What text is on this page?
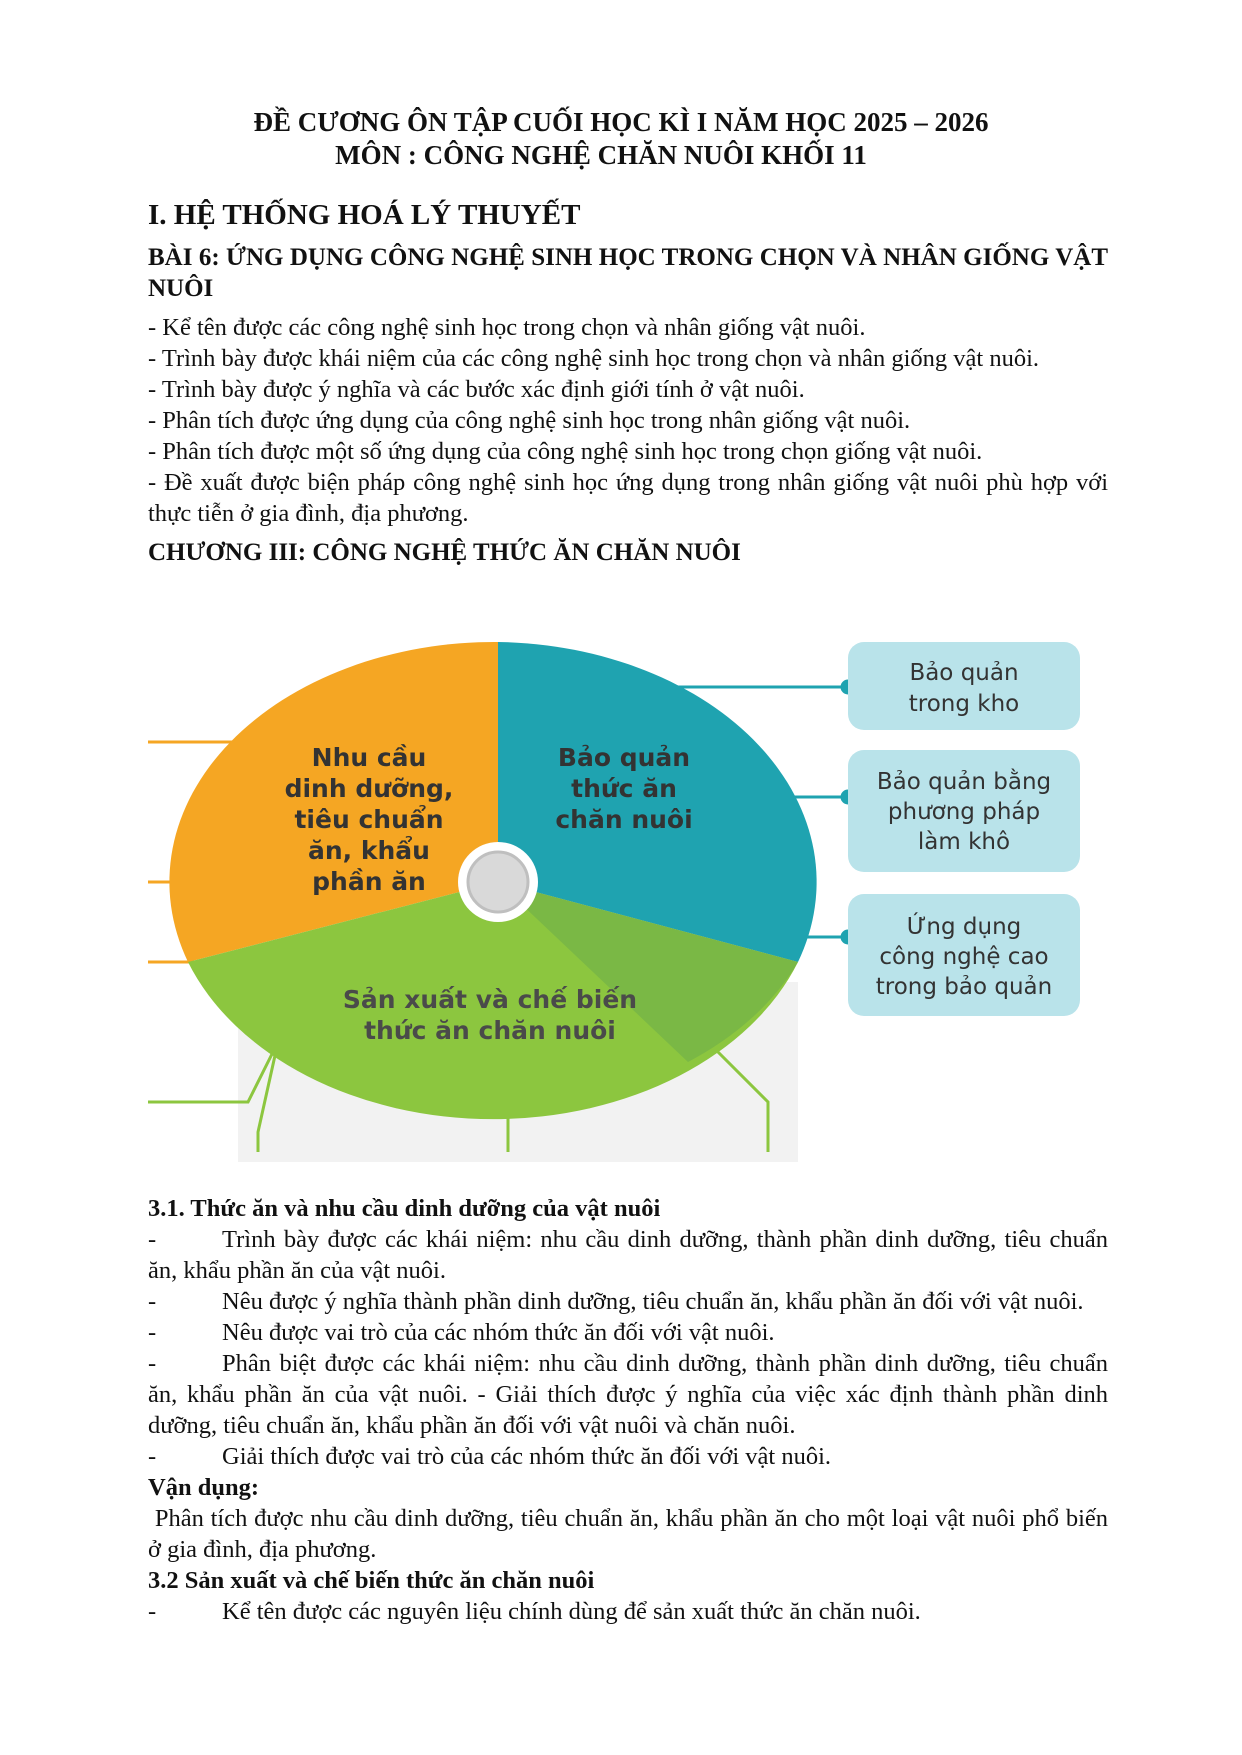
ĐỀ CƯƠNG ÔN TẬP CUỐI HỌC KÌ I NĂM HỌC 2025 – 2026
MÔN : CÔNG NGHỆ CHĂN NUÔI KHỐI 11

I. HỆ THỐNG HOÁ LÝ THUYẾT

BÀI 6: ỨNG DỤNG CÔNG NGHỆ SINH HỌC TRONG CHỌN VÀ NHÂN GIỐNG VẬT NUÔI

- Kể tên được các công nghệ sinh học trong chọn và nhân giống vật nuôi.

- Trình bày được khái niệm của các công nghệ sinh học trong chọn và nhân giống vật nuôi.

- Trình bày được ý nghĩa và các bước xác định giới tính ở vật nuôi.

- Phân tích được ứng dụng của công nghệ sinh học trong nhân giống vật nuôi.

- Phân tích được một số ứng dụng của công nghệ sinh học trong chọn giống vật nuôi.

- Đề xuất được biện pháp công nghệ sinh học ứng dụng trong nhân giống vật nuôi phù hợp với thực tiễn ở gia đình, địa phương.

CHƯƠNG III: CÔNG NGHỆ THỨC ĂN CHĂN NUÔI

Nhu cầu
dinh dưỡng,
tiêu chuẩn
ăn, khẩu
phần ăn
Bảo quản
thức ăn
chăn nuôi
Sản xuất và chế biến
thức ăn chăn nuôi
Bảo quản
trong kho
Bảo quản bằng
phương pháp
làm khô
Ứng dụng
công nghệ cao
trong bảo quản

3.1. Thức ăn và nhu cầu dinh dưỡng của vật nuôi

-	Trình bày được các khái niệm: nhu cầu dinh dưỡng, thành phần dinh dưỡng, tiêu chuẩn ăn, khẩu phần ăn của vật nuôi.

-	Nêu được ý nghĩa thành phần dinh dưỡng, tiêu chuẩn ăn, khẩu phần ăn đối với vật nuôi.

-	Nêu được vai trò của các nhóm thức ăn đối với vật nuôi.

-	Phân biệt được các khái niệm: nhu cầu dinh dưỡng, thành phần dinh dưỡng, tiêu chuẩn ăn, khẩu phần ăn của vật nuôi. - Giải thích được ý nghĩa của việc xác định thành phần dinh dưỡng, tiêu chuẩn ăn, khẩu phần ăn đối với vật nuôi và chăn nuôi.

-	Giải thích được vai trò của các nhóm thức ăn đối với vật nuôi.

Vận dụng:

Phân tích được nhu cầu dinh dưỡng, tiêu chuẩn ăn, khẩu phần ăn cho một loại vật nuôi phổ biến ở gia đình, địa phương.

3.2 Sản xuất và chế biến thức ăn chăn nuôi

-	Kể tên được các nguyên liệu chính dùng để sản xuất thức ăn chăn nuôi.
